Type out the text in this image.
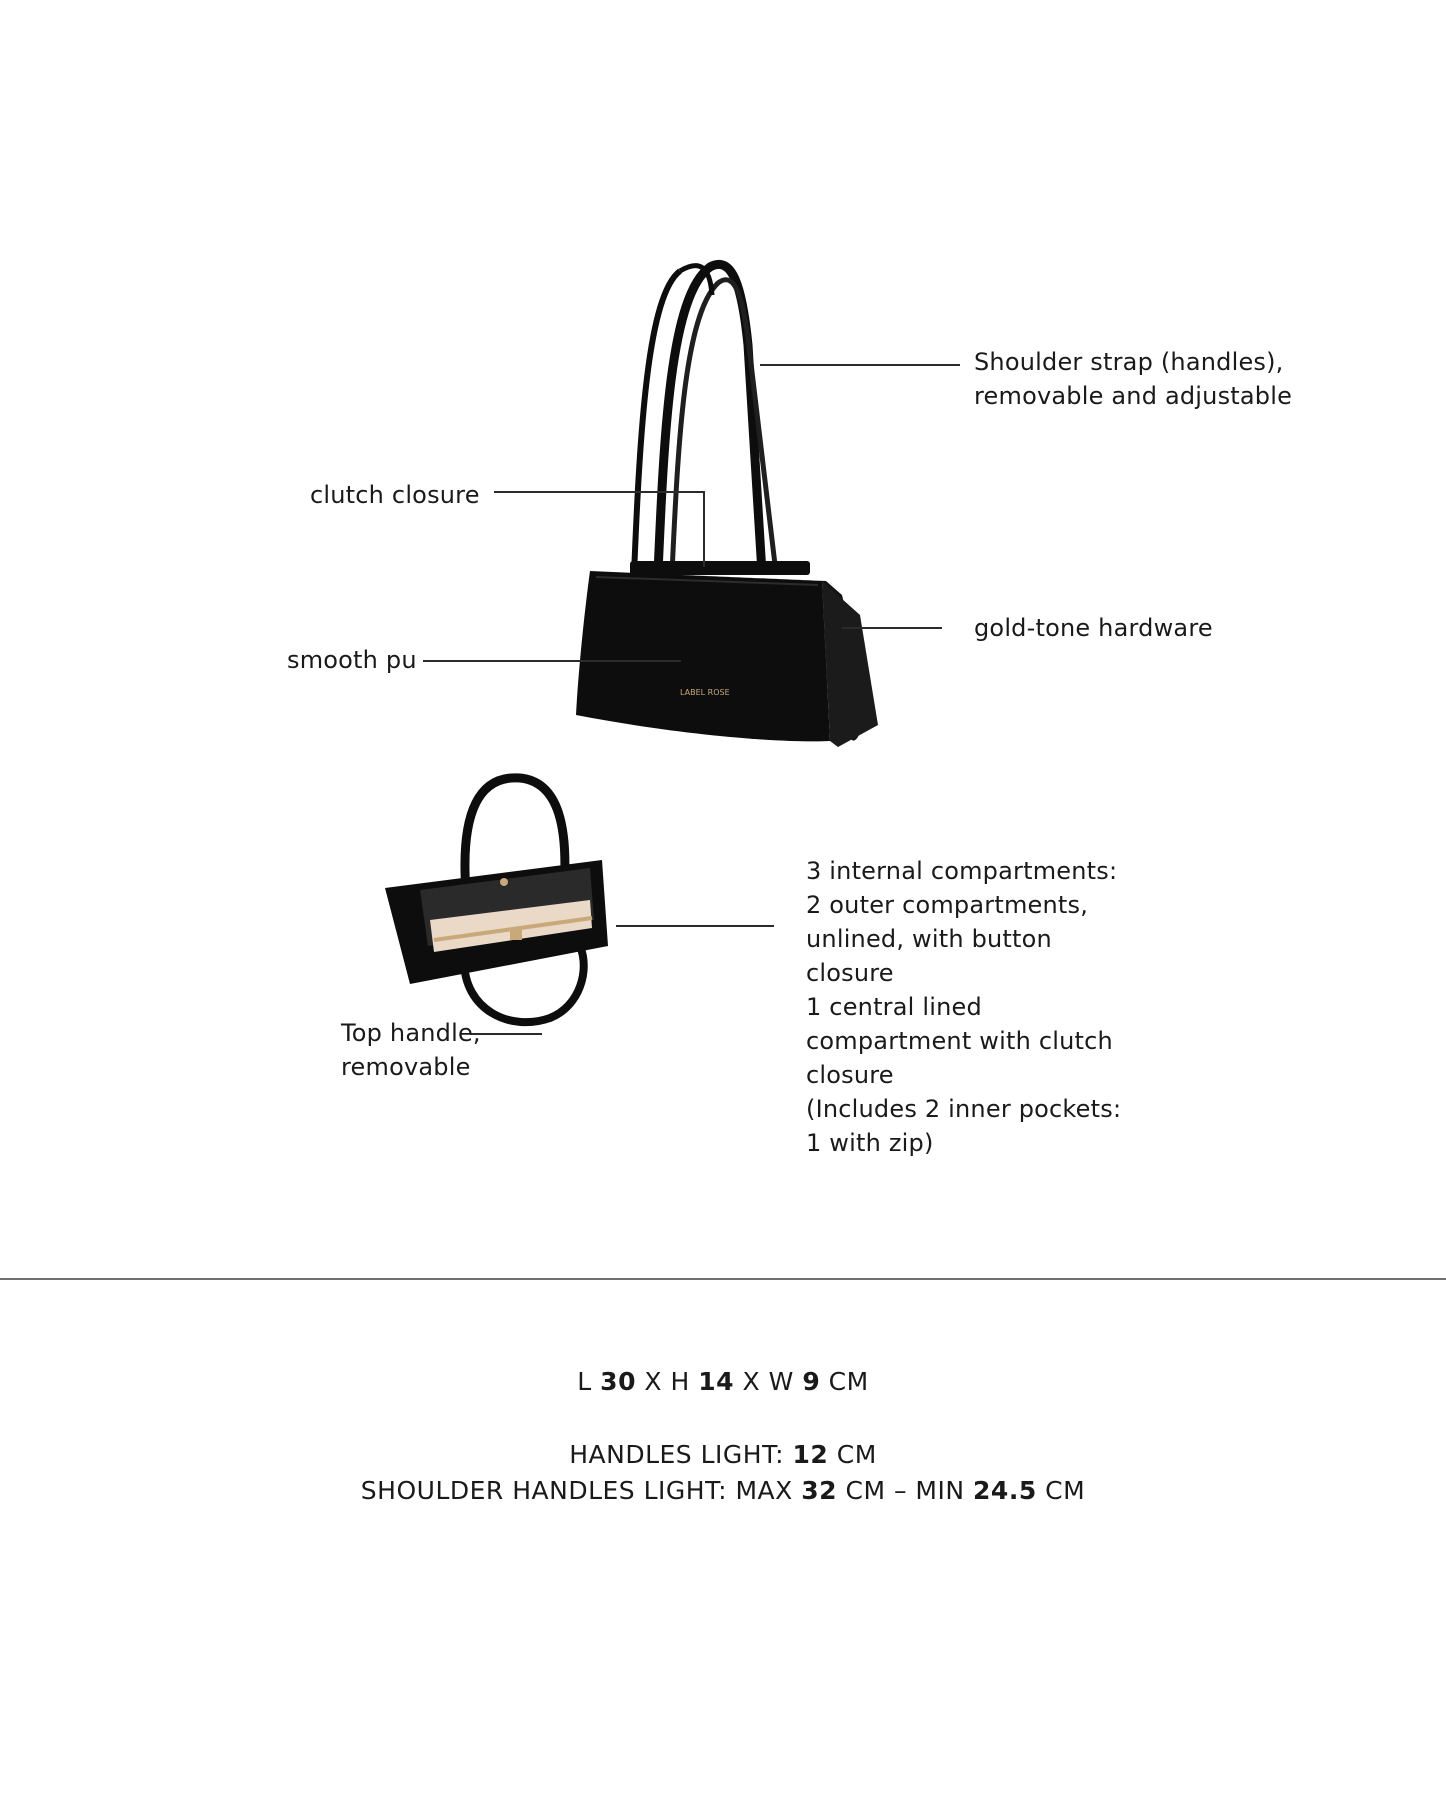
LABEL ROSE
Shoulder strap (handles),
removable and adjustable
clutch closure
gold-tone hardware
smooth pu
3 internal compartments:
2 outer compartments,
unlined, with button
closure
1 central lined
compartment with clutch
closure
(Includes 2 inner pockets:
1 with zip)
Top handle,
removable
L 30 X H 14 X W 9 CM
HANDLES LIGHT: 12 CM
SHOULDER HANDLES LIGHT: MAX 32 CM – MIN 24.5 CM
